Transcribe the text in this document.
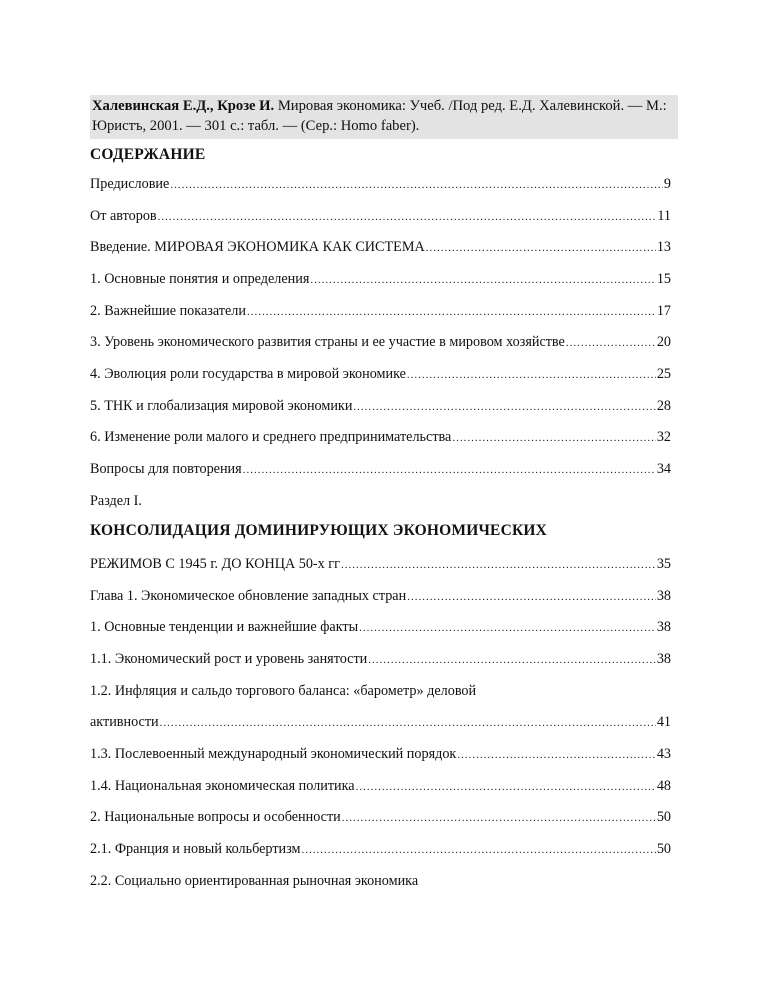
Халевинская Е.Д., Крозе И. Мировая экономика: Учеб. /Под ред. Е.Д. Халевинской. — М.: Юристъ, 2001. — 301 с.: табл. — (Сер.: Homo faber).
СОДЕРЖАНИЕ
Предисловие .....	9
От авторов .....	11
Введение. МИРОВАЯ ЭКОНОМИКА КАК СИСТЕМА .....	13
1. Основные понятия и определения .....	15
2. Важнейшие показатели .....	17
3. Уровень экономического развития страны и ее участие в мировом хозяйстве .....	20
4. Эволюция роли государства в мировой экономике .....	25
5. ТНК и глобализация мировой экономики .....	28
6. Изменение роли малого и среднего предпринимательства .....	32
Вопросы для повторения .....	34
Раздел I.
КОНСОЛИДАЦИЯ ДОМИНИРУЮЩИХ ЭКОНОМИЧЕСКИХ
РЕЖИМОВ С 1945 г. ДО КОНЦА 50-х гг .....	35
Глава 1. Экономическое обновление западных стран .....	38
1. Основные тенденции и важнейшие факты .....	38
1.1. Экономический рост и уровень занятости .....	38
1.2. Инфляция и сальдо торгового баланса: «барометр» деловой
активности .....	41
1.3. Послевоенный международный экономический порядок .....	43
1.4. Национальная экономическая политика .....	48
2. Национальные вопросы и особенности .....	50
2.1. Франция и новый кольбертизм .....	50
2.2. Социально ориентированная рыночная экономика
